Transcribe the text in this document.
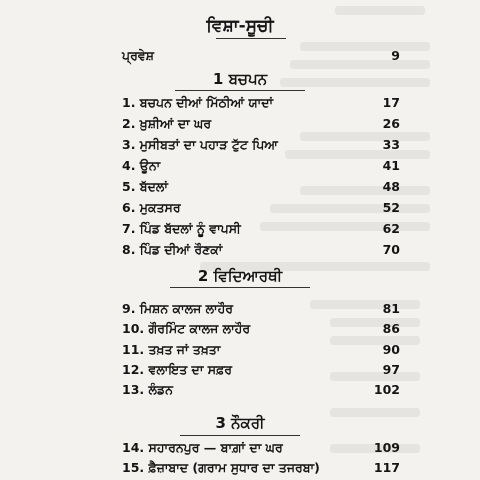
ਵਿਸ਼ਾ-ਸੂਚੀ
ਪ੍ਰਵੇਸ਼	9
1 ਬਚਪਨ
1. ਬਚਪਨ ਦੀਆਂ ਮਿੱਠੀਆਂ ਯਾਦਾਂ	17
2. ਖ਼ੁਸ਼ੀਆਂ ਦਾ ਘਰ	26
3. ਮੁਸੀਬਤਾਂ ਦਾ ਪਹਾੜ ਟੁੱਟ ਪਿਆ	33
4. ਊਨਾ	41
5. ਬੱਦਲਾਂ	48
6. ਮੁਕਤਸਰ	52
7. ਪਿੰਡ ਬੱਦਲਾਂ ਨੂੰ ਵਾਪਸੀ	62
8. ਪਿੰਡ ਦੀਆਂ ਰੌਣਕਾਂ	70
2 ਵਿਦਿਆਰਥੀ
9. ਮਿਸ਼ਨ ਕਾਲਜ ਲਾਹੌਰ	81
10. ਗੌਰਮਿੰਟ ਕਾਲਜ ਲਾਹੌਰ	86
11. ਤਖ਼ਤ ਜਾਂ ਤਖ਼ਤਾ	90
12. ਵਲਾਇਤ ਦਾ ਸਫ਼ਰ	97
13. ਲੰਡਨ	102
3 ਨੌਕਰੀ
14. ਸਹਾਰਨਪੁਰ — ਬਾਗ਼ਾਂ ਦਾ ਘਰ	109
15. ਫ਼ੈਜ਼ਾਬਾਦ (ਗਰਾਮ ਸੁਧਾਰ ਦਾ ਤਜਰਬਾ)	117
